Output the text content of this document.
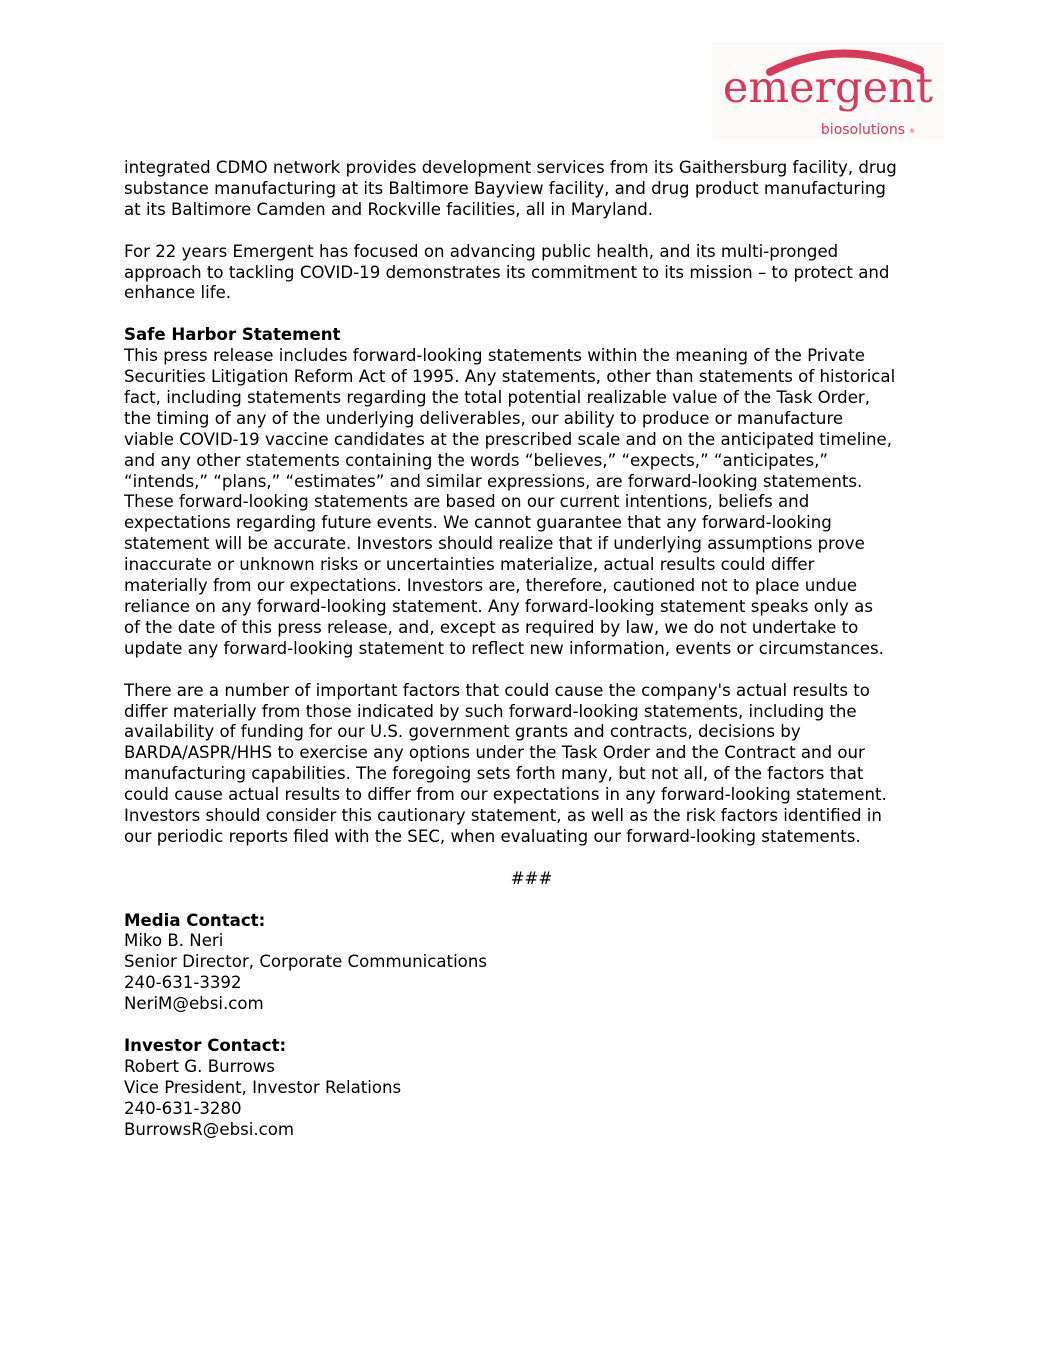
emergent
biosolutions ®

integrated CDMO network provides development services from its Gaithersburg facility, drug
substance manufacturing at its Baltimore Bayview facility, and drug product manufacturing
at its Baltimore Camden and Rockville facilities, all in Maryland.

For 22 years Emergent has focused on advancing public health, and its multi-pronged
approach to tackling COVID-19 demonstrates its commitment to its mission – to protect and
enhance life.

Safe Harbor Statement
This press release includes forward-looking statements within the meaning of the Private
Securities Litigation Reform Act of 1995. Any statements, other than statements of historical
fact, including statements regarding the total potential realizable value of the Task Order,
the timing of any of the underlying deliverables, our ability to produce or manufacture
viable COVID-19 vaccine candidates at the prescribed scale and on the anticipated timeline,
and any other statements containing the words “believes,” “expects,” “anticipates,”
“intends,” “plans,” “estimates” and similar expressions, are forward-looking statements.
These forward-looking statements are based on our current intentions, beliefs and
expectations regarding future events. We cannot guarantee that any forward-looking
statement will be accurate. Investors should realize that if underlying assumptions prove
inaccurate or unknown risks or uncertainties materialize, actual results could differ
materially from our expectations. Investors are, therefore, cautioned not to place undue
reliance on any forward-looking statement. Any forward-looking statement speaks only as
of the date of this press release, and, except as required by law, we do not undertake to
update any forward-looking statement to reflect new information, events or circumstances.

There are a number of important factors that could cause the company's actual results to
differ materially from those indicated by such forward-looking statements, including the
availability of funding for our U.S. government grants and contracts, decisions by
BARDA/ASPR/HHS to exercise any options under the Task Order and the Contract and our
manufacturing capabilities. The foregoing sets forth many, but not all, of the factors that
could cause actual results to differ from our expectations in any forward-looking statement.
Investors should consider this cautionary statement, as well as the risk factors identified in
our periodic reports filed with the SEC, when evaluating our forward-looking statements.

###

Media Contact:
Miko B. Neri
Senior Director, Corporate Communications
240-631-3392
NeriM@ebsi.com

Investor Contact:
Robert G. Burrows
Vice President, Investor Relations
240-631-3280
BurrowsR@ebsi.com
